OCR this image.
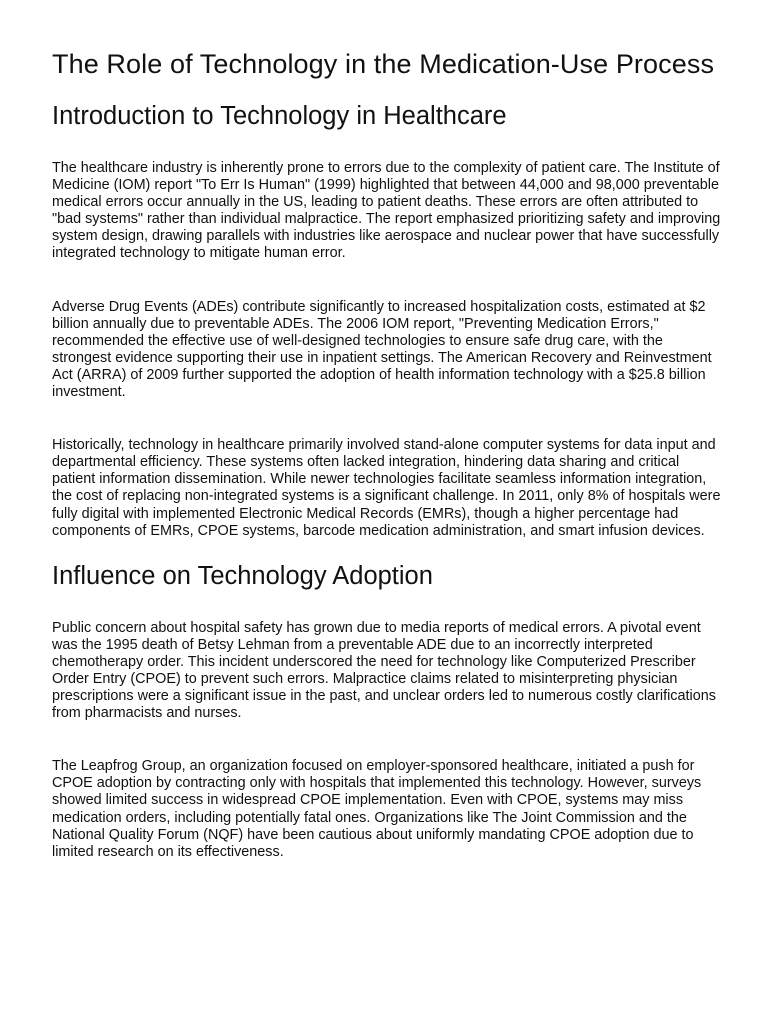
The Role of Technology in the Medication-Use Process
Introduction to Technology in Healthcare

The healthcare industry is inherently prone to errors due to the complexity of patient care. The Institute of Medicine (IOM) report "To Err Is Human" (1999) highlighted that between 44,000 and 98,000 preventable medical errors occur annually in the US, leading to patient deaths. These errors are often attributed to "bad systems" rather than individual malpractice. The report emphasized prioritizing safety and improving system design, drawing parallels with industries like aerospace and nuclear power that have successfully integrated technology to mitigate human error.

Adverse Drug Events (ADEs) contribute significantly to increased hospitalization costs, estimated at $2 billion annually due to preventable ADEs. The 2006 IOM report, "Preventing Medication Errors," recommended the effective use of well-designed technologies to ensure safe drug care, with the strongest evidence supporting their use in inpatient settings. The American Recovery and Reinvestment Act (ARRA) of 2009 further supported the adoption of health information technology with a $25.8 billion investment.

Historically, technology in healthcare primarily involved stand-alone computer systems for data input and departmental efficiency. These systems often lacked integration, hindering data sharing and critical patient information dissemination. While newer technologies facilitate seamless information integration, the cost of replacing non-integrated systems is a significant challenge. In 2011, only 8% of hospitals were fully digital with implemented Electronic Medical Records (EMRs), though a higher percentage had components of EMRs, CPOE systems, barcode medication administration, and smart infusion devices.

Influence on Technology Adoption

Public concern about hospital safety has grown due to media reports of medical errors. A pivotal event was the 1995 death of Betsy Lehman from a preventable ADE due to an incorrectly interpreted chemotherapy order. This incident underscored the need for technology like Computerized Prescriber Order Entry (CPOE) to prevent such errors. Malpractice claims related to misinterpreting physician prescriptions were a significant issue in the past, and unclear orders led to numerous costly clarifications from pharmacists and nurses.

The Leapfrog Group, an organization focused on employer-sponsored healthcare, initiated a push for CPOE adoption by contracting only with hospitals that implemented this technology. However, surveys showed limited success in widespread CPOE implementation. Even with CPOE, systems may miss medication orders, including potentially fatal ones. Organizations like The Joint Commission and the National Quality Forum (NQF) have been cautious about uniformly mandating CPOE adoption due to limited research on its effectiveness.
